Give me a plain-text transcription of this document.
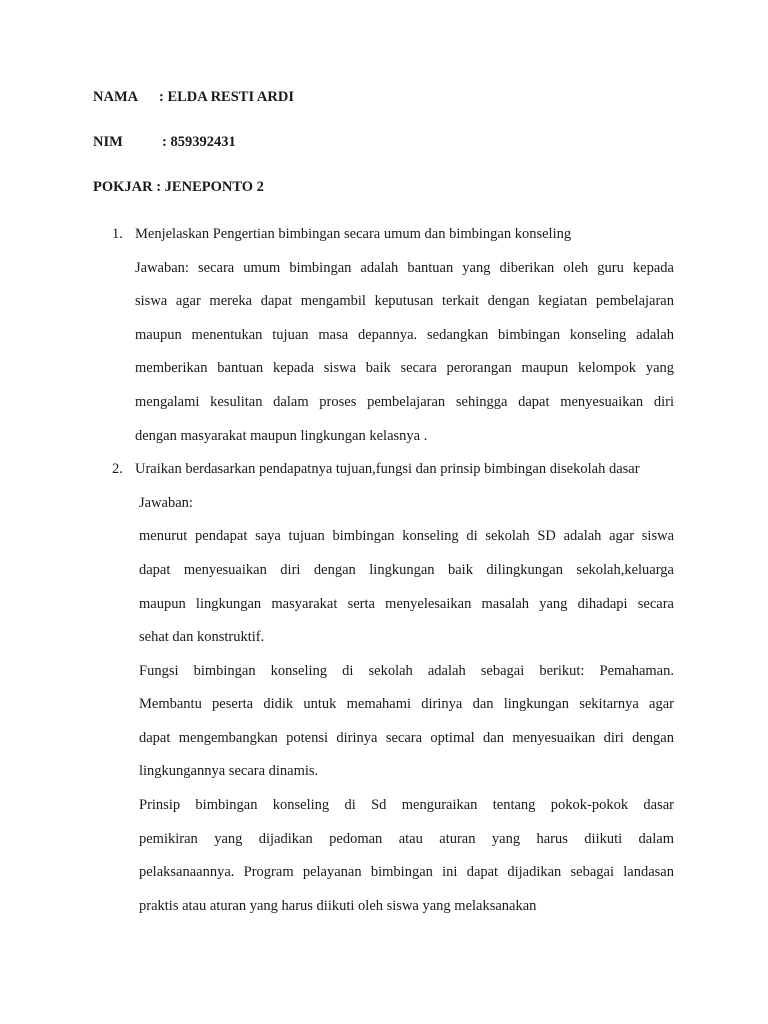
NAMA : ELDA RESTI ARDI
NIM	: 859392431
POKJAR : JENEPONTO 2
1. Menjelaskan Pengertian bimbingan secara umum dan bimbingan konseling
Jawaban: secara umum bimbingan adalah bantuan yang diberikan oleh guru kepada
siswa agar mereka dapat mengambil keputusan terkait dengan kegiatan pembelajaran
maupun menentukan tujuan masa depannya. sedangkan bimbingan konseling adalah
memberikan bantuan kepada siswa baik secara perorangan maupun kelompok yang
mengalami kesulitan dalam proses pembelajaran sehingga dapat menyesuaikan diri
dengan masyarakat maupun lingkungan kelasnya .
2. Uraikan berdasarkan pendapatnya tujuan,fungsi dan prinsip bimbingan disekolah dasar
Jawaban:
menurut pendapat saya tujuan bimbingan konseling di sekolah SD adalah agar siswa
dapat menyesuaikan diri dengan lingkungan baik dilingkungan sekolah,keluarga
maupun lingkungan masyarakat serta menyelesaikan masalah yang dihadapi secara
sehat dan konstruktif.
Fungsi bimbingan konseling di sekolah adalah sebagai berikut: Pemahaman.
Membantu peserta didik untuk memahami dirinya dan lingkungan sekitarnya agar
dapat mengembangkan potensi dirinya secara optimal dan menyesuaikan diri dengan
lingkungannya secara dinamis.
Prinsip bimbingan konseling di Sd menguraikan tentang pokok-pokok dasar
pemikiran yang dijadikan pedoman atau aturan yang harus diikuti dalam
pelaksanaannya. Program pelayanan bimbingan ini dapat dijadikan sebagai landasan
praktis atau aturan yang harus diikuti oleh siswa yang melaksanakan
